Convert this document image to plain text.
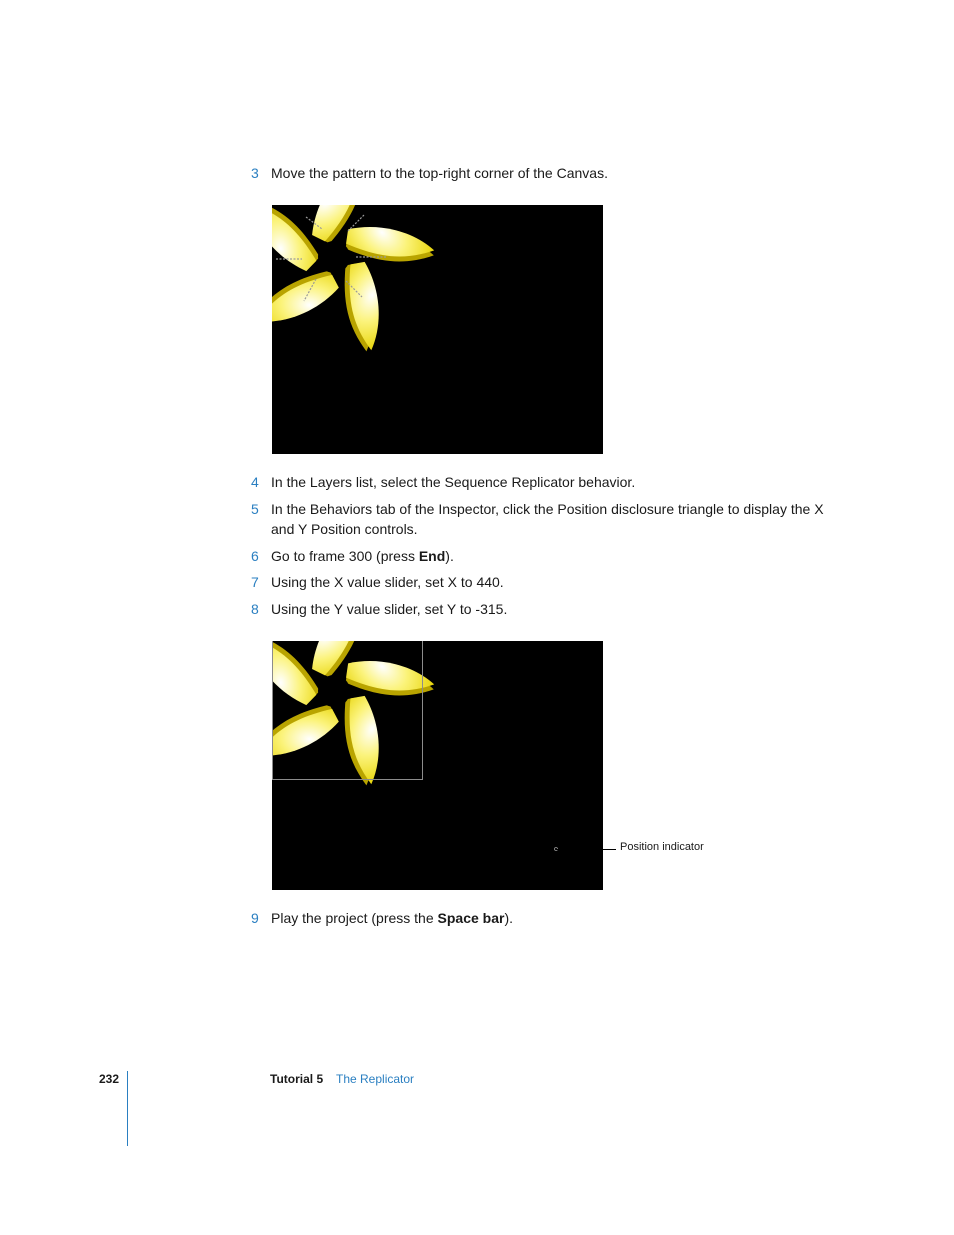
3 Move the pattern to the top-right corner of the Canvas.
4 In the Layers list, select the Sequence Replicator behavior.
5 In the Behaviors tab of the Inspector, click the Position disclosure triangle to display the X and Y Position controls.
6 Go to frame 300 (press End).
7 Using the X value slider, set X to 440.
8 Using the Y value slider, set Y to -315.
Position indicator
9 Play the project (press the Space bar).
232	Tutorial 5 The Replicator
